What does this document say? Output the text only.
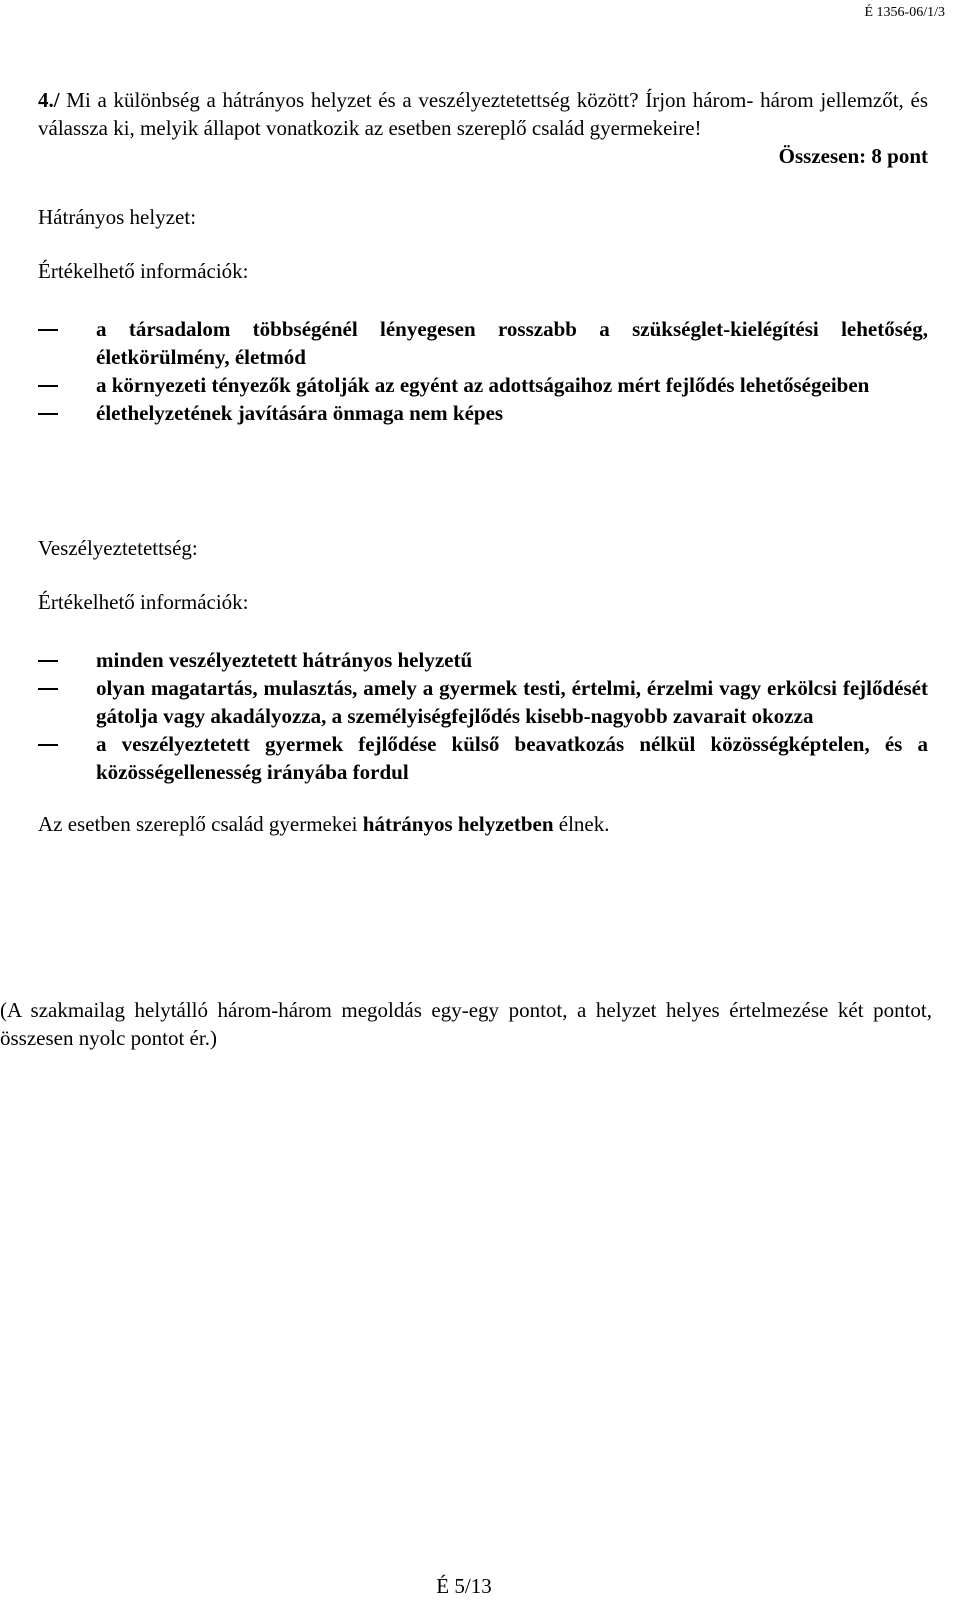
É 1356-06/1/3
4./ Mi a különbség a hátrányos helyzet és a veszélyeztetettség között? Írjon három- három jellemzőt, és válassza ki, melyik állapot vonatkozik az esetben szereplő család gyermekeire!
Összesen: 8 pont
Hátrányos helyzet:
Értékelhető információk:
a társadalom többségénél lényegesen rosszabb a szükséglet-kielégítési lehetőség, életkörülmény, életmód
a környezeti tényezők gátolják az egyént az adottságaihoz mért fejlődés lehetőségeiben
élethelyzetének javítására önmaga nem képes
Veszélyeztetettség:
Értékelhető információk:
minden veszélyeztetett hátrányos helyzetű
olyan magatartás, mulasztás, amely a gyermek testi, értelmi, érzelmi vagy erkölcsi fejlődését gátolja vagy akadályozza, a személyiségfejlődés kisebb-nagyobb zavarait okozza
a veszélyeztetett gyermek fejlődése külső beavatkozás nélkül közösségképtelen, és a közösségellenesség irányába fordul
Az esetben szereplő család gyermekei hátrányos helyzetben élnek.
(A szakmailag helytálló három-három megoldás egy-egy pontot, a helyzet helyes értelmezése két pontot, összesen nyolc pontot ér.)
É 5/13
